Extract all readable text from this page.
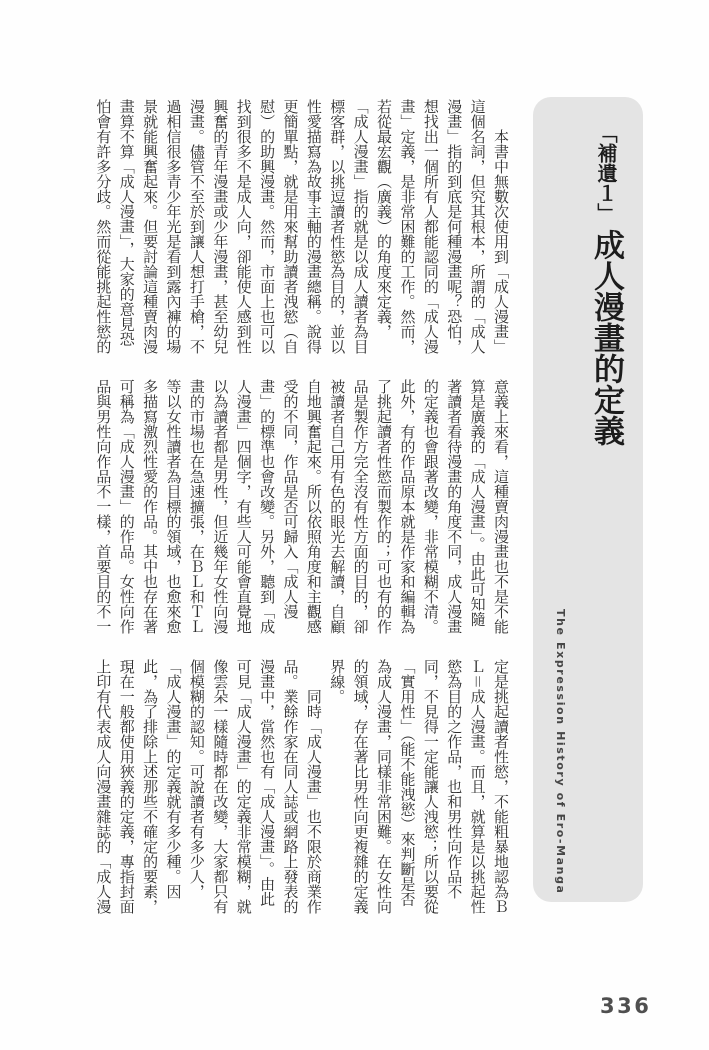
本書中無數次使用到「成人漫畫」這個名詞，但究其根本，所謂的「成人漫畫」指的到底是何種漫畫呢？恐怕，想找出一個所有人都能認同的「成人漫畫」定義，是非常困難的工作。然而，若從最宏觀（廣義）的角度來定義，「成人漫畫」指的就是以成人讀者為目標客群，以挑逗讀者性慾為目的，並以性愛描寫為故事主軸的漫畫總稱。說得更簡單點，就是用來幫助讀者洩慾（自慰）的助興漫畫。然而，市面上也可以找到很多不是成人向，卻能使人感到性興奮的青年漫畫或少年漫畫，甚至幼兒漫畫。儘管不至於到讓人想打手槍，不過相信很多青少年光是看到露內褲的場景就能興奮起來。但要討論這種賣肉漫畫算不算「成人漫畫」，大家的意見恐怕會有許多分歧。然而從能挑起性慾的

意義上來看，這種賣肉漫畫也不是不能算是廣義的「成人漫畫」。由此可知隨著讀者看待漫畫的角度不同，成人漫畫的定義也會跟著改變，非常模糊不清。此外，有的作品原本就是作家和編輯為了挑起讀者性慾而製作的；可也有的作品是製作方完全沒有性方面的目的，卻被讀者自己用有色的眼光去解讀，自顧自地興奮起來。所以依照角度和主觀感受的不同，作品是否可歸入「成人漫畫」的標準也會改變。另外，聽到「成人漫畫」四個字，有些人可能會直覺地以為讀者都是男性，但近幾年女性向漫畫的市場也在急速擴張，在ＢＬ和ＴＬ等以女性讀者為目標的領域，也愈來愈多描寫激烈性愛的作品。其中也存在著可稱為「成人漫畫」的作品。女性向作品與男性向作品不一樣，首要目的不一

定是挑起讀者性慾，不能粗暴地認為ＢＬ＝成人漫畫。而且，就算是以挑起性慾為目的之作品，也和男性向作品不同，不見得一定能讓人洩慾；所以要從「實用性」（能不能洩慾）來判斷是否為成人漫畫，同樣非常困難。在女性向的領域，存在著比男性向更複雜的定義界線。

同時「成人漫畫」也不限於商業作品。業餘作家在同人誌或網路上發表的漫畫中，當然也有「成人漫畫」。由此可見「成人漫畫」的定義非常模糊，就像雲朵一樣隨時都在改變，大家都只有個模糊的認知。可說讀者有多少人，「成人漫畫」的定義就有多少種。因此，為了排除上述那些不確定的要素，現在一般都使用狹義的定義，專指封面上印有代表成人向漫畫雜誌的「成人漫

「補遺１」成人漫畫的定義
The Expression History of Ero-Manga
336
